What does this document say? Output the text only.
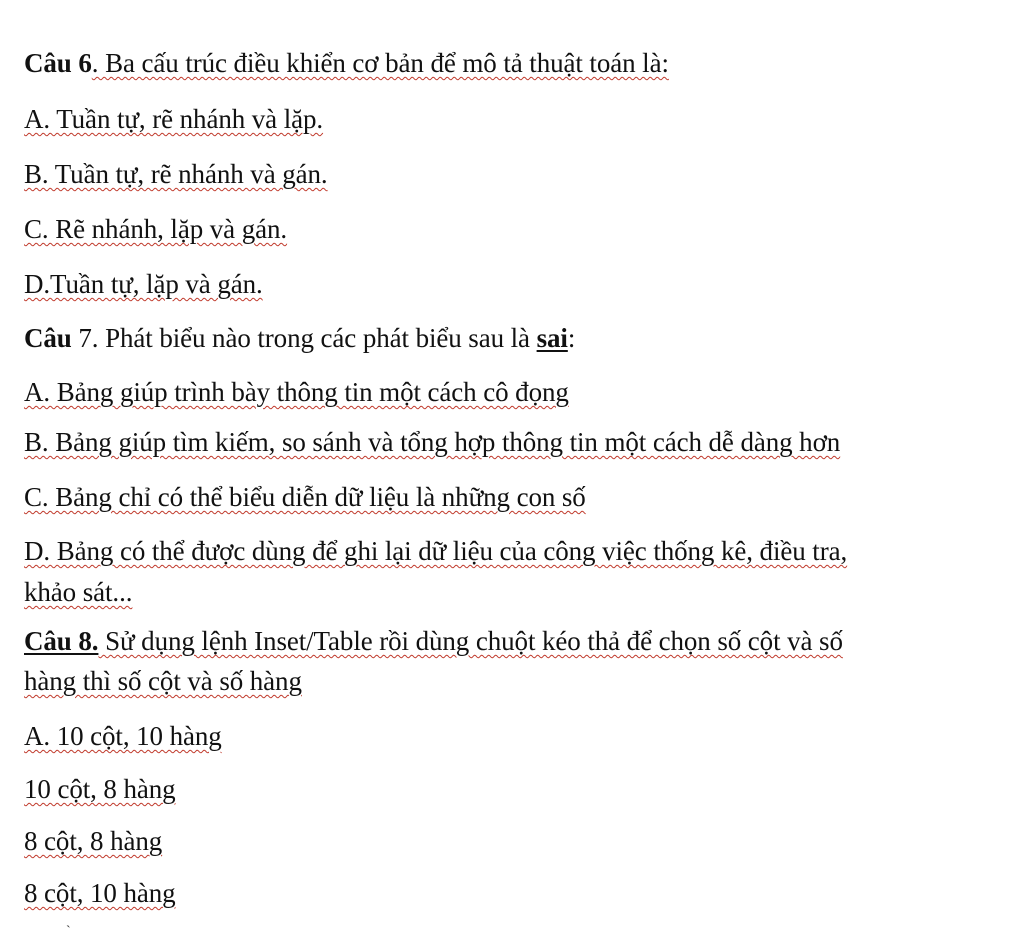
Câu 6. Ba cấu trúc điều khiển cơ bản để mô tả thuật toán là:
A. Tuần tự, rẽ nhánh và lặp.
B. Tuần tự, rẽ nhánh và gán.
C. Rẽ nhánh, lặp và gán.
D.Tuần tự, lặp và gán.
Câu 7. Phát biểu nào trong các phát biểu sau là sai:
A. Bảng giúp trình bày thông tin một cách cô đọng
B. Bảng giúp tìm kiếm, so sánh và tổng hợp thông tin một cách dễ dàng hơn
C. Bảng chỉ có thể biểu diễn dữ liệu là những con số
D. Bảng có thể được dùng để ghi lại dữ liệu của công việc thống kê, điều tra,
khảo sát...
Câu 8. Sử dụng lệnh Inset/Table rồi dùng chuột kéo thả để chọn số cột và số
hàng thì số cột và số hàng
A. 10 cột, 10 hàng
10 cột, 8 hàng
8 cột, 8 hàng
8 cột, 10 hàng
`
